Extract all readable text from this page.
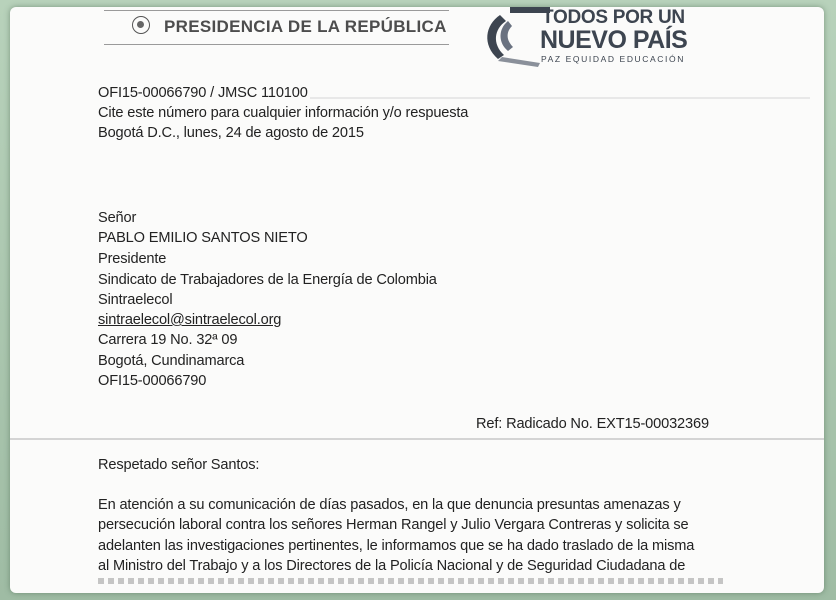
PRESIDENCIA DE LA REPÚBLICA	TODOS POR UN
NUEVO PAÍS
PAZ EQUIDAD EDUCACIÓN
OFI15-00066790 / JMSC 110100
Cite este número para cualquier información y/o respuesta
Bogotá D.C., lunes, 24 de agosto de 2015
Señor
PABLO EMILIO SANTOS NIETO
Presidente
Sindicato de Trabajadores de la Energía de Colombia
Sintraelecol
sintraelecol@sintraelecol.org
Carrera 19 No. 32ª 09
Bogotá, Cundinamarca
OFI15-00066790
Ref: Radicado No. EXT15-00032369
Respetado señor Santos:
En atención a su comunicación de días pasados, en la que denuncia presuntas amenazas y
persecución laboral contra los señores Herman Rangel y Julio Vergara Contreras y solicita se
adelanten las investigaciones pertinentes, le informamos que se ha dado traslado de la misma
al Ministro del Trabajo y a los Directores de la Policía Nacional y de Seguridad Ciudadana de
